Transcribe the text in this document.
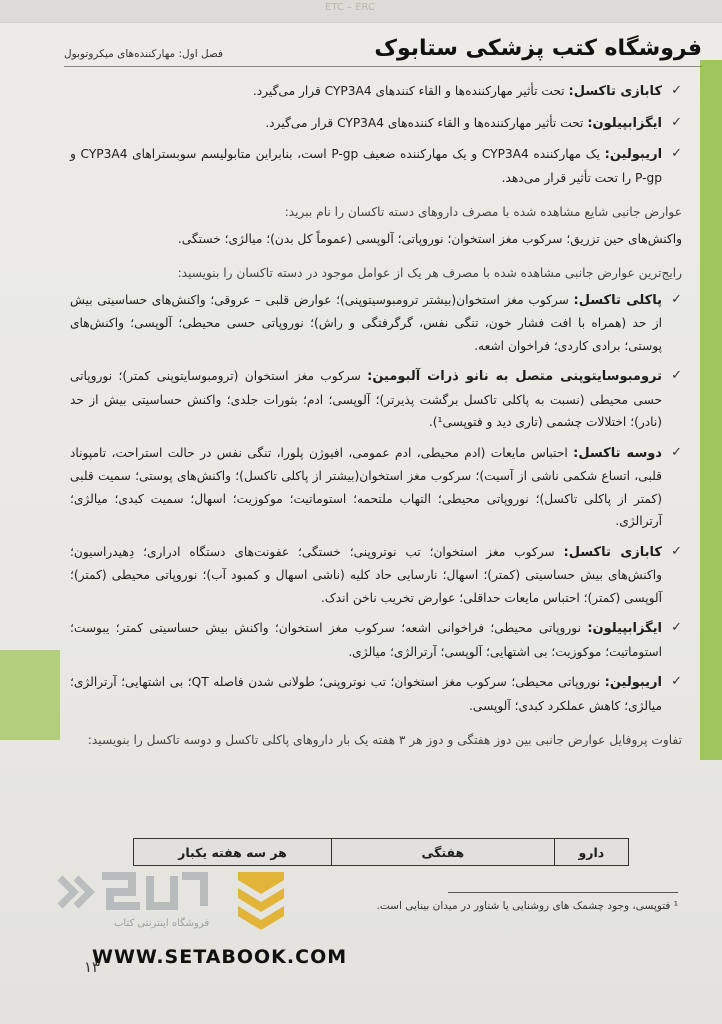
ETC – ERC
فروشگاه کتب پزشکی ستابوک
فصل اول: مهارکننده‌های میکروتوبول
✓
کابازی تاکسل: تحت تأثیر مهارکننده‌ها و القاء کنندهای CYP3A4 قرار می‌گیرد.
✓
ایگزابپیلون: تحت تأثیر مهارکننده‌ها و القاء کننده‌های CYP3A4 قرار می‌گیرد.
✓
اریبولین: یک مهارکننده CYP3A4 و یک مهارکننده ضعیف P-gp است، بنابراین متابولیسم سوبستراهای CYP3A4 و P-gp را تحت تأثیر قرار می‌دهد.
عوارض جانبی شایع مشاهده شده با مصرف داروهای دسته تاکسان را نام ببرید:
واکنش‌های حین تزریق؛ سرکوب مغز استخوان؛ نوروپاتی؛ آلوپسی (عموماً کل بدن)؛ میالژی؛ خستگی.
رایج‌ترین عوارض جانبی مشاهده شده با مصرف هر یک از عوامل موجود در دسته تاکسان را بنویسید:
✓
پاکلی تاکسل: سرکوب مغز استخوان(بیشتر ترومبوسیتوپنی)؛ عوارض قلبی – عروقی؛ واکنش‌های حساسیتی بیش از حد (همراه با افت فشار خون، تنگی نفس، گرگرفتگی و راش)؛ نوروپاتی حسی محیطی؛ آلوپسی؛ واکنش‌های پوستی؛ برادی کاردی؛ فراخوان اشعه.
✓
ترومبوسایتوپنی متصل به نانو ذرات آلبومین: سرکوب مغز استخوان (ترومبوسایتوپنی کمتر)؛ نوروپاتی حسی محیطی (نسبت به پاکلی تاکسل برگشت پذیرتر)؛ آلوپسی؛ ادم؛ بثورات جلدی؛ واکنش حساسیتی بیش از حد (نادر)؛ اختلالات چشمی (تاری دید و فتوپسی¹).
✓
دوسه تاکسل: احتباس مایعات (ادم محیطی، ادم عمومی، افیوژن پلورا، تنگی نفس در حالت استراحت، تامپوناد قلبی، اتساع شکمی ناشی از آسیت)؛ سرکوب مغز استخوان(بیشتر از پاکلی تاکسل)؛ واکنش‌های پوستی؛ سمیت قلبی (کمتر از پاکلی تاکسل)؛ نوروپاتی محیطی؛ التهاب ملتحمه؛ استوماتیت؛ موکوزیت؛ اسهال؛ سمیت کبدی؛ میالژی؛ آرترالژی.
✓
کابازی تاکسل: سرکوب مغز استخوان؛ تب نوتروپنی؛ خستگی؛ عفونت‌های دستگاه ادراری؛ دِهیدراسیون؛ واکنش‌های بیش حساسیتی (کمتر)؛ اسهال؛ نارسایی حاد کلیه (ناشی اسهال و کمبود آب)؛ نوروپاتی محیطی (کمتر)؛ آلوپسی (کمتر)؛ احتباس مایعات حداقلی؛ عوارض تخریب ناخن اندک.
✓
ایگزابپیلون: نوروپاتی محیطی؛ فراخوانی اشعه؛ سرکوب مغز استخوان؛ واکنش بیش حساسیتی کمتر؛ یبوست؛ استوماتیت؛ موکوزیت؛ بی اشتهایی؛ آلوپسی؛ آرترالژی؛ میالژی.
✓
اریبولین: نوروپاتی محیطی؛ سرکوب مغز استخوان؛ تب نوتروپنی؛ طولانی شدن فاصله QT؛ بی اشتهایی؛ آرترالژی؛ میالژی؛ کاهش عملکرد کبدی؛ آلوپسی.
تفاوت پروفایل عوارض جانبی بین دوز هفتگی و دوز هر ۳ هفته یک بار داروهای پاکلی تاکسل و دوسه تاکسل را بنویسید:
دارو	هفتگی	هر سه هفته یکبار
¹ فتوپسی، وجود چشمک های روشنایی یا شناور در میدان بینایی است.
فروشگاه اینترنتی کتاب
WWW.SETABOOK.COM
١٣
